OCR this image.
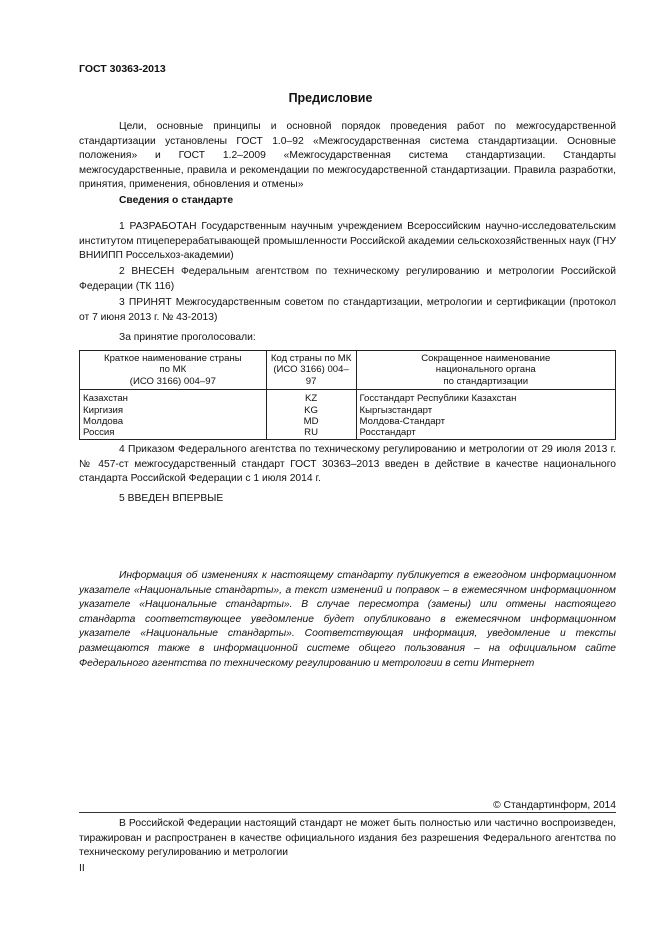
ГОСТ 30363-2013
Предисловие

Цели, основные принципы и основной порядок проведения работ по межгосударственной стандартизации установлены ГОСТ 1.0–92 «Межгосударственная система стандартизации. Основные положения» и ГОСТ 1.2–2009 «Межгосударственная система стандартизации. Стандарты межгосударственные, правила и рекомендации по межгосударственной стандартизации. Правила разработки, принятия, применения, обновления и отмены»

Сведения о стандарте

1 РАЗРАБОТАН Государственным научным учреждением Всероссийским научно-исследовательским институтом птицеперерабатывающей промышленности Российской академии сельскохозяйственных наук (ГНУ ВНИИПП Россельхоз-академии)

2 ВНЕСЕН Федеральным агентством по техническому регулированию и метрологии Российской Федерации (ТК 116)

3 ПРИНЯТ Межгосударственным советом по стандартизации, метрологии и сертификации (протокол от 7 июня 2013 г. № 43-2013)

За принятие проголосовали:

Краткое наименование страны
по МК
(ИСО 3166) 004–97	Код страны по МК
(ИСО 3166) 004–97	Сокращенное наименование
национального органа
по стандартизации
Казахстан	KZ	Госстандарт Республики Казахстан
Киргизия	KG	Кыргызстандарт
Молдова	MD	Молдова-Стандарт
Россия	RU	Росстандарт

4 Приказом Федерального агентства по техническому регулированию и метрологии от 29 июля 2013 г. № 457-ст межгосударственный стандарт ГОСТ 30363–2013 введен в действие в качестве национального стандарта Российской Федерации с 1 июля 2014 г.

5 ВВЕДЕН ВПЕРВЫЕ

Информация об изменениях к настоящему стандарту публикуется в ежегодном информационном указателе «Национальные стандарты», а текст изменений и поправок – в ежемесячном информационном указателе «Национальные стандарты». В случае пересмотра (замены) или отмены настоящего стандарта соответствующее уведомление будет опубликовано в ежемесячном информационном указателе «Национальные стандарты». Соответствующая информация, уведомление и тексты размещаются также в информационной системе общего пользования – на официальном сайте Федерального агентства по техническому регулированию и метрологии в сети Интернет

© Стандартинформ, 2014

В Российской Федерации настоящий стандарт не может быть полностью или частично воспроизведен, тиражирован и распространен в качестве официального издания без разрешения Федерального агентства по техническому регулированию и метрологии

II
